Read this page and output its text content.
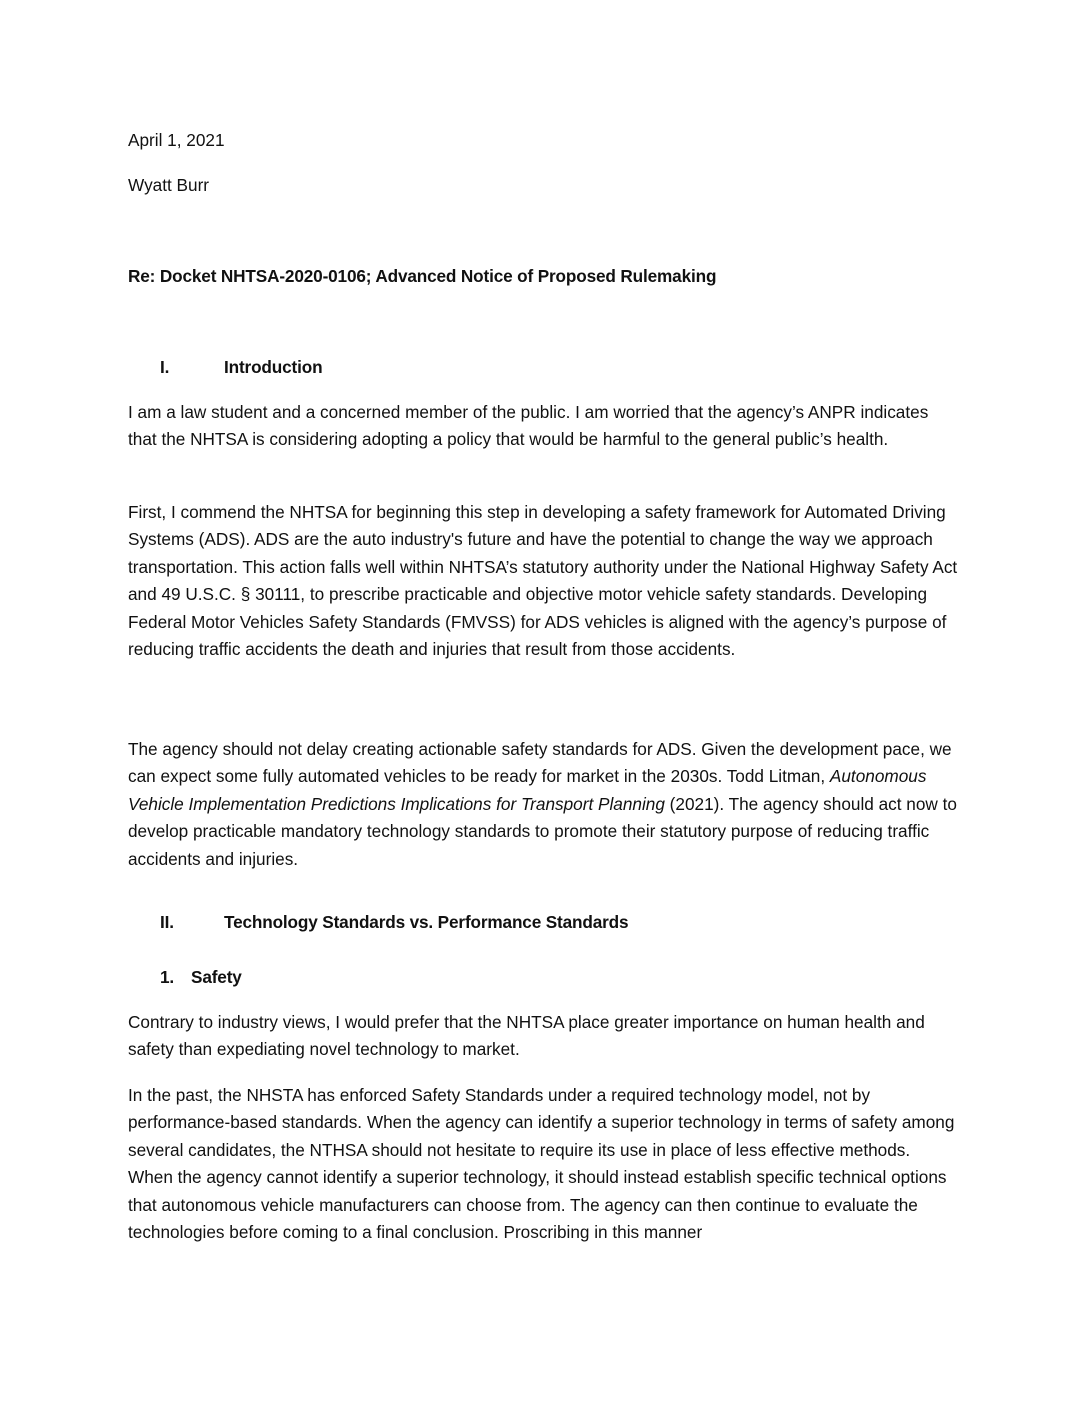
April 1, 2021

Wyatt Burr

Re: Docket NHTSA-2020-0106; Advanced Notice of Proposed Rulemaking

I.	Introduction

I am a law student and a concerned member of the public. I am worried that the agency’s ANPR indicates that the NHTSA is considering adopting a policy that would be harmful to the general public’s health.

First, I commend the NHTSA for beginning this step in developing a safety framework for Automated Driving Systems (ADS). ADS are the auto industry's future and have the potential to change the way we approach transportation. This action falls well within NHTSA’s statutory authority under the National Highway Safety Act and 49 U.S.C. § 30111, to prescribe practicable and objective motor vehicle safety standards. Developing Federal Motor Vehicles Safety Standards (FMVSS) for ADS vehicles is aligned with the agency’s purpose of reducing traffic accidents the death and injuries that result from those accidents.

The agency should not delay creating actionable safety standards for ADS. Given the development pace, we can expect some fully automated vehicles to be ready for market in the 2030s. Todd Litman, Autonomous Vehicle Implementation Predictions Implications for Transport Planning (2021). The agency should act now to develop practicable mandatory technology standards to promote their statutory purpose of reducing traffic accidents and injuries.

II.	Technology Standards vs. Performance Standards
1. Safety

Contrary to industry views, I would prefer that the NHTSA place greater importance on human health and safety than expediating novel technology to market.

In the past, the NHSTA has enforced Safety Standards under a required technology model, not by performance-based standards. When the agency can identify a superior technology in terms of safety among several candidates, the NTHSA should not hesitate to require its use in place of less effective methods. When the agency cannot identify a superior technology, it should instead establish specific technical options that autonomous vehicle manufacturers can choose from. The agency can then continue to evaluate the technologies before coming to a final conclusion. Proscribing in this manner
